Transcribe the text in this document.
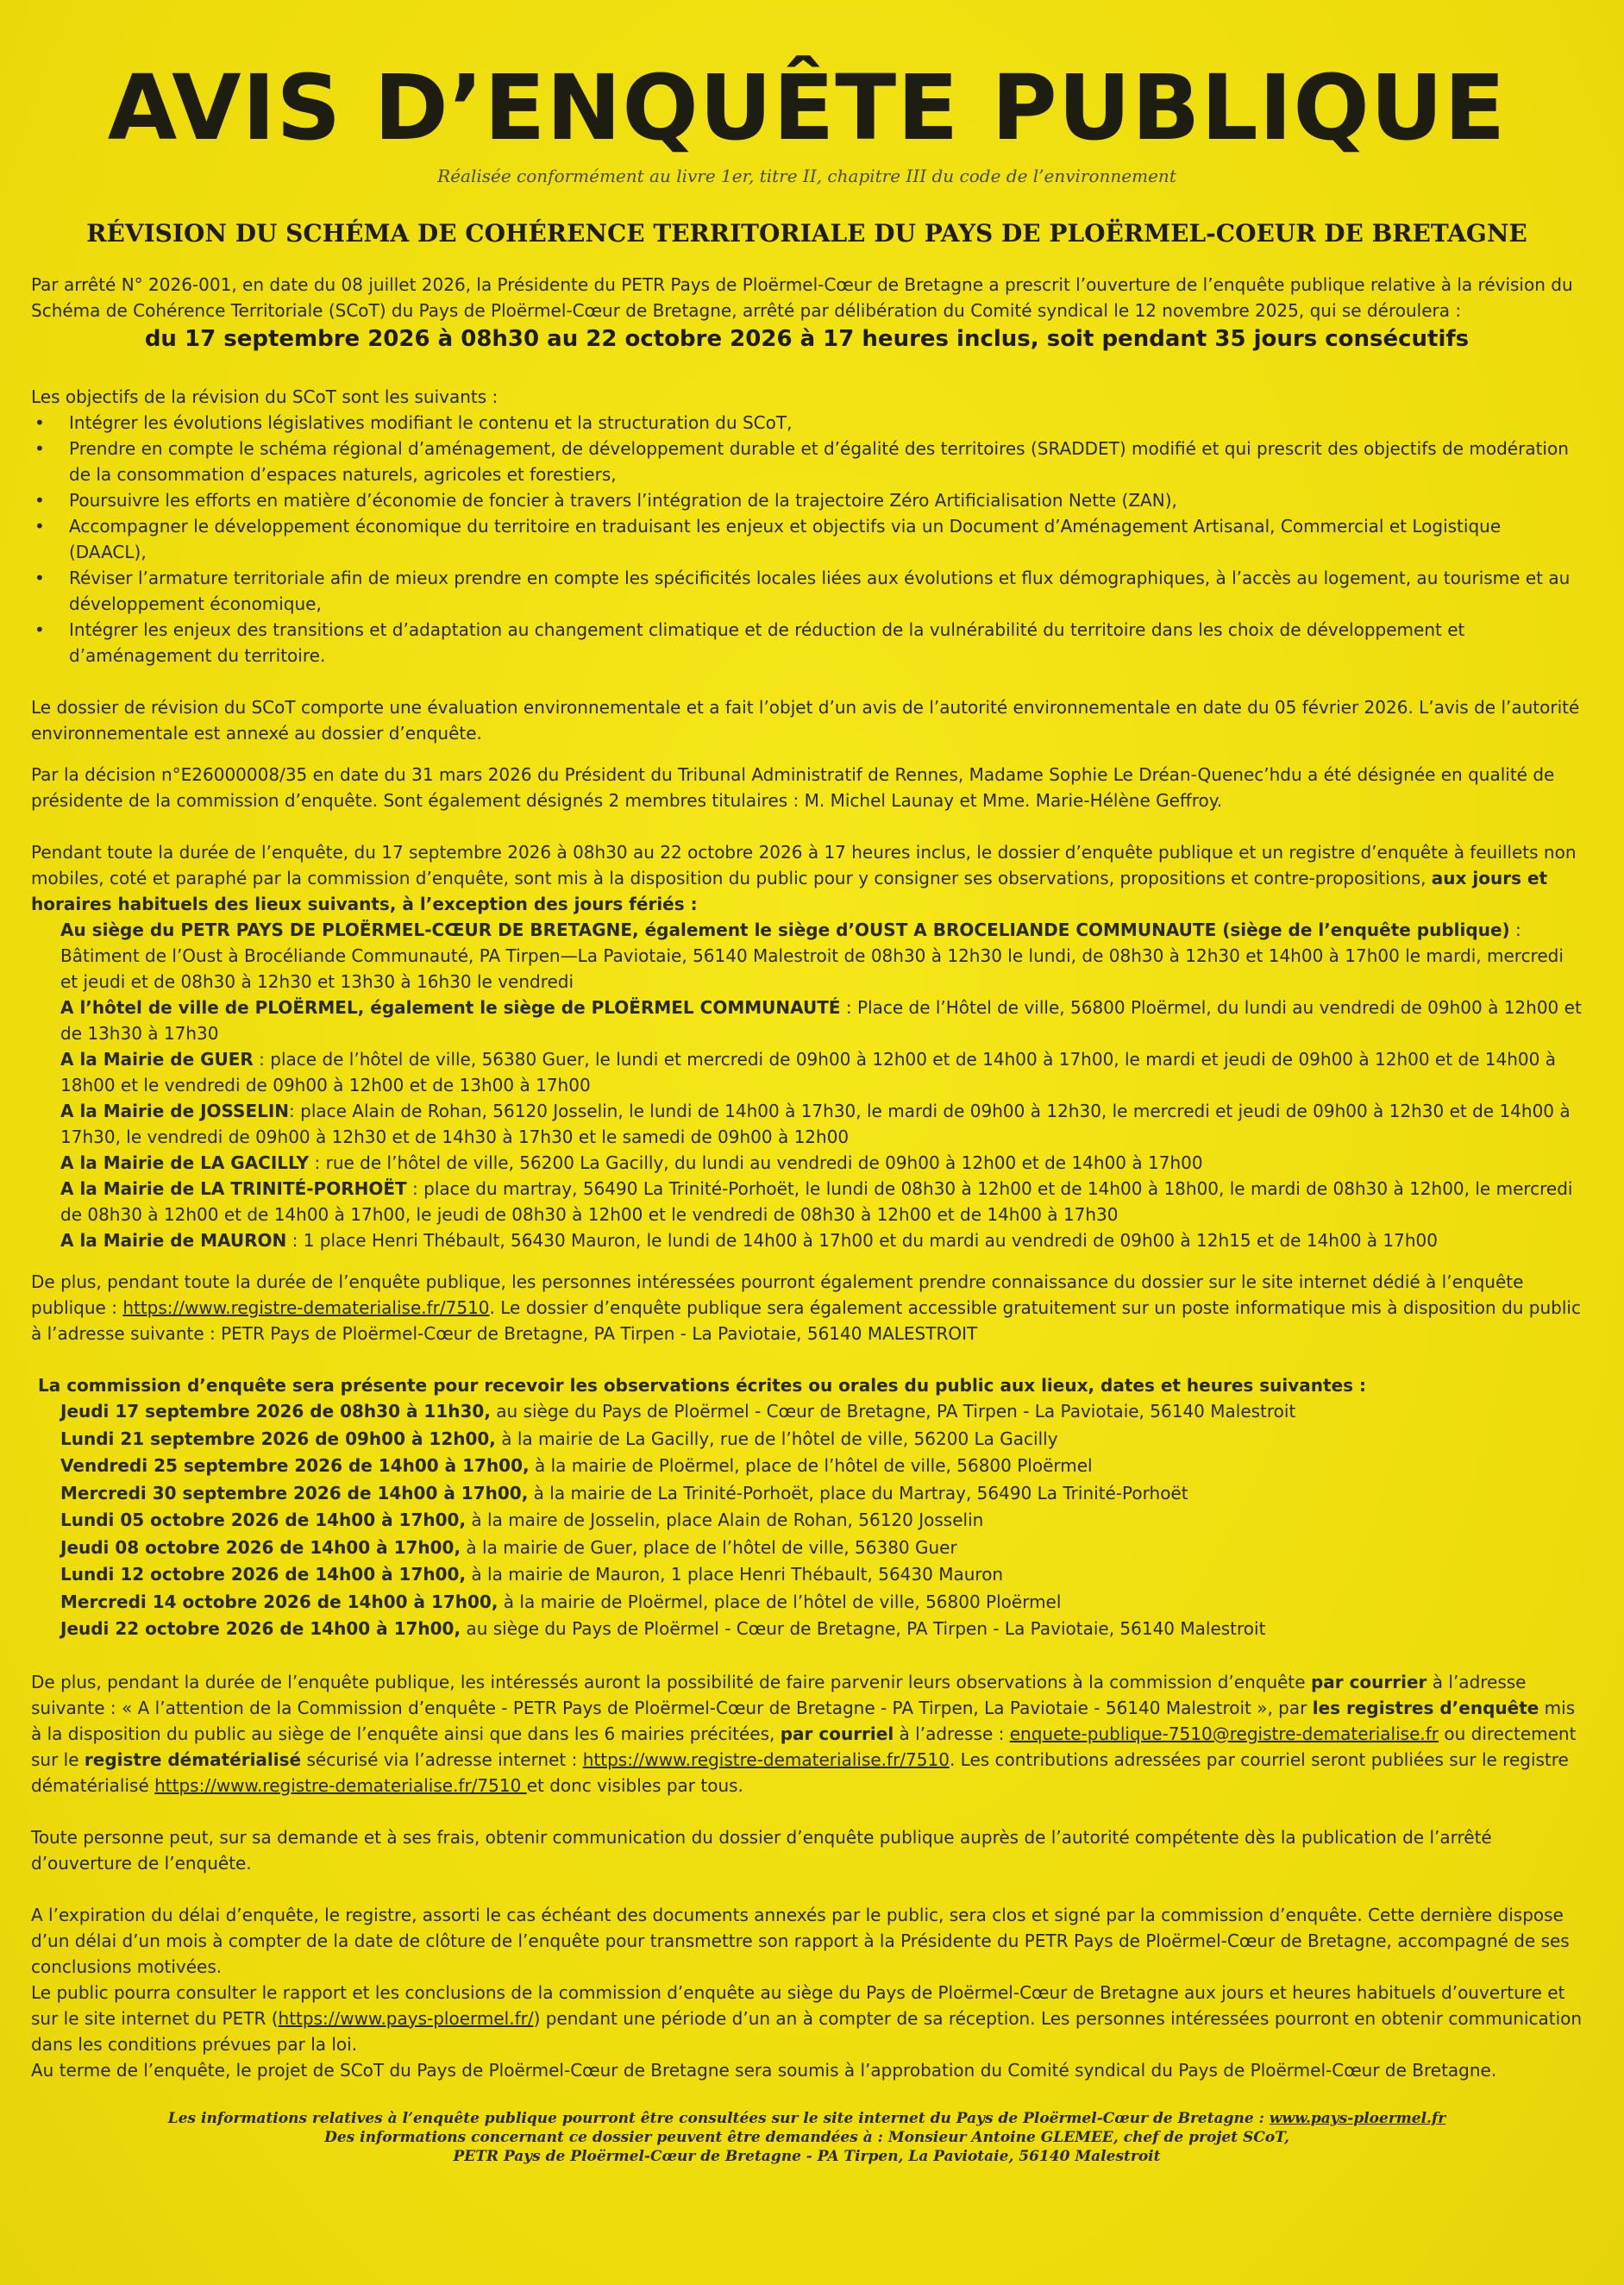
AVIS D’ENQUÊTE PUBLIQUE
Réalisée conformément au livre 1er, titre II, chapitre III du code de l’environnement
RÉVISION DU SCHÉMA DE COHÉRENCE TERRITORIALE DU PAYS DE PLOËRMEL-COEUR DE BRETAGNE
Par arrêté N° 2026-001, en date du 08 juillet 2026, la Présidente du PETR Pays de Ploërmel-Cœur de Bretagne a prescrit l’ouverture de l’enquête publique relative à la révision du Schéma de Cohérence Territoriale (SCoT) du Pays de Ploërmel-Cœur de Bretagne, arrêté par délibération du Comité syndical le 12 novembre 2025, qui se déroulera :
du 17 septembre 2026 à 08h30 au 22 octobre 2026 à 17 heures inclus, soit pendant 35 jours consécutifs
Les objectifs de la révision du SCoT sont les suivants :
• Intégrer les évolutions législatives modifiant le contenu et la structuration du SCoT,
• Prendre en compte le schéma régional d’aménagement, de développement durable et d’égalité des territoires (SRADDET) modifié et qui prescrit des objectifs de modération de la consommation d’espaces naturels, agricoles et forestiers,
• Poursuivre les efforts en matière d’économie de foncier à travers l’intégration de la trajectoire Zéro Artificialisation Nette (ZAN),
• Accompagner le développement économique du territoire en traduisant les enjeux et objectifs via un Document d’Aménagement Artisanal, Commercial et Logistique (DAACL),
• Réviser l’armature territoriale afin de mieux prendre en compte les spécificités locales liées aux évolutions et flux démographiques, à l’accès au logement, au tourisme et au développement économique,
• Intégrer les enjeux des transitions et d’adaptation au changement climatique et de réduction de la vulnérabilité du territoire dans les choix de développement et d’aménagement du territoire.
Le dossier de révision du SCoT comporte une évaluation environnementale et a fait l’objet d’un avis de l’autorité environnementale en date du 05 février 2026. L’avis de l’autorité environnementale est annexé au dossier d’enquête.
Par la décision n°E26000008/35 en date du 31 mars 2026 du Président du Tribunal Administratif de Rennes, Madame Sophie Le Dréan-Quenec’hdu a été désignée en qualité de présidente de la commission d’enquête. Sont également désignés 2 membres titulaires : M. Michel Launay et Mme. Marie-Hélène Geffroy.
Pendant toute la durée de l’enquête, du 17 septembre 2026 à 08h30 au 22 octobre 2026 à 17 heures inclus, le dossier d’enquête publique et un registre d’enquête à feuillets non mobiles, coté et paraphé par la commission d’enquête, sont mis à la disposition du public pour y consigner ses observations, propositions et contre-propositions, aux jours et horaires habituels des lieux suivants, à l’exception des jours fériés :
Au siège du PETR PAYS DE PLOËRMEL-CŒUR DE BRETAGNE, également le siège d’OUST A BROCELIANDE COMMUNAUTE (siège de l’enquête publique) : Bâtiment de l’Oust à Brocéliande Communauté, PA Tirpen—La Paviotaie, 56140 Malestroit de 08h30 à 12h30 le lundi, de 08h30 à 12h30 et 14h00 à 17h00 le mardi, mercredi et jeudi et de 08h30 à 12h30 et 13h30 à 16h30 le vendredi
A l’hôtel de ville de PLOËRMEL, également le siège de PLOËRMEL COMMUNAUTÉ : Place de l’Hôtel de ville, 56800 Ploërmel, du lundi au vendredi de 09h00 à 12h00 et de 13h30 à 17h30
A la Mairie de GUER : place de l’hôtel de ville, 56380 Guer, le lundi et mercredi de 09h00 à 12h00 et de 14h00 à 17h00, le mardi et jeudi de 09h00 à 12h00 et de 14h00 à 18h00 et le vendredi de 09h00 à 12h00 et de 13h00 à 17h00
A la Mairie de JOSSELIN: place Alain de Rohan, 56120 Josselin, le lundi de 14h00 à 17h30, le mardi de 09h00 à 12h30, le mercredi et jeudi de 09h00 à 12h30 et de 14h00 à 17h30, le vendredi de 09h00 à 12h30 et de 14h30 à 17h30 et le samedi de 09h00 à 12h00
A la Mairie de LA GACILLY : rue de l’hôtel de ville, 56200 La Gacilly, du lundi au vendredi de 09h00 à 12h00 et de 14h00 à 17h00
A la Mairie de LA TRINITÉ-PORHOËT : place du martray, 56490 La Trinité-Porhoët, le lundi de 08h30 à 12h00 et de 14h00 à 18h00, le mardi de 08h30 à 12h00, le mercredi de 08h30 à 12h00 et de 14h00 à 17h00, le jeudi de 08h30 à 12h00 et le vendredi de 08h30 à 12h00 et de 14h00 à 17h30
A la Mairie de MAURON : 1 place Henri Thébault, 56430 Mauron, le lundi de 14h00 à 17h00 et du mardi au vendredi de 09h00 à 12h15 et de 14h00 à 17h00
De plus, pendant toute la durée de l’enquête publique, les personnes intéressées pourront également prendre connaissance du dossier sur le site internet dédié à l’enquête publique : https://www.registre-dematerialise.fr/7510. Le dossier d’enquête publique sera également accessible gratuitement sur un poste informatique mis à disposition du public à l’adresse suivante : PETR Pays de Ploërmel-Cœur de Bretagne, PA Tirpen - La Paviotaie, 56140 MALESTROIT
La commission d’enquête sera présente pour recevoir les observations écrites ou orales du public aux lieux, dates et heures suivantes :
Jeudi 17 septembre 2026 de 08h30 à 11h30, au siège du Pays de Ploërmel - Cœur de Bretagne, PA Tirpen - La Paviotaie, 56140 Malestroit
Lundi 21 septembre 2026 de 09h00 à 12h00, à la mairie de La Gacilly, rue de l’hôtel de ville, 56200 La Gacilly
Vendredi 25 septembre 2026 de 14h00 à 17h00, à la mairie de Ploërmel, place de l’hôtel de ville, 56800 Ploërmel
Mercredi 30 septembre 2026 de 14h00 à 17h00, à la mairie de La Trinité-Porhoët, place du Martray, 56490 La Trinité-Porhoët
Lundi 05 octobre 2026 de 14h00 à 17h00, à la maire de Josselin, place Alain de Rohan, 56120 Josselin
Jeudi 08 octobre 2026 de 14h00 à 17h00, à la mairie de Guer, place de l’hôtel de ville, 56380 Guer
Lundi 12 octobre 2026 de 14h00 à 17h00, à la mairie de Mauron, 1 place Henri Thébault, 56430 Mauron
Mercredi 14 octobre 2026 de 14h00 à 17h00, à la mairie de Ploërmel, place de l’hôtel de ville, 56800 Ploërmel
Jeudi 22 octobre 2026 de 14h00 à 17h00, au siège du Pays de Ploërmel - Cœur de Bretagne, PA Tirpen - La Paviotaie, 56140 Malestroit
De plus, pendant la durée de l’enquête publique, les intéressés auront la possibilité de faire parvenir leurs observations à la commission d’enquête par courrier à l’adresse suivante : « A l’attention de la Commission d’enquête - PETR Pays de Ploërmel-Cœur de Bretagne - PA Tirpen, La Paviotaie - 56140 Malestroit », par les registres d’enquête mis à la disposition du public au siège de l’enquête ainsi que dans les 6 mairies précitées, par courriel à l’adresse : enquete-publique-7510@registre-dematerialise.fr ou directement sur le registre dématérialisé sécurisé via l’adresse internet : https://www.registre-dematerialise.fr/7510. Les contributions adressées par courriel seront publiées sur le registre dématérialisé https://www.registre-dematerialise.fr/7510 et donc visibles par tous.
Toute personne peut, sur sa demande et à ses frais, obtenir communication du dossier d’enquête publique auprès de l’autorité compétente dès la publication de l’arrêté d’ouverture de l’enquête.
A l’expiration du délai d’enquête, le registre, assorti le cas échéant des documents annexés par le public, sera clos et signé par la commission d’enquête. Cette dernière dispose d’un délai d’un mois à compter de la date de clôture de l’enquête pour transmettre son rapport à la Présidente du PETR Pays de Ploërmel-Cœur de Bretagne, accompagné de ses conclusions motivées.
Le public pourra consulter le rapport et les conclusions de la commission d’enquête au siège du Pays de Ploërmel-Cœur de Bretagne aux jours et heures habituels d’ouverture et sur le site internet du PETR (https://www.pays-ploermel.fr/) pendant une période d’un an à compter de sa réception. Les personnes intéressées pourront en obtenir communication dans les conditions prévues par la loi.
Au terme de l’enquête, le projet de SCoT du Pays de Ploërmel-Cœur de Bretagne sera soumis à l’approbation du Comité syndical du Pays de Ploërmel-Cœur de Bretagne.
Les informations relatives à l’enquête publique pourront être consultées sur le site internet du Pays de Ploërmel-Cœur de Bretagne : www.pays-ploermel.fr
Des informations concernant ce dossier peuvent être demandées à : Monsieur Antoine GLEMEE, chef de projet SCoT,
PETR Pays de Ploërmel-Cœur de Bretagne - PA Tirpen, La Paviotaie, 56140 Malestroit
